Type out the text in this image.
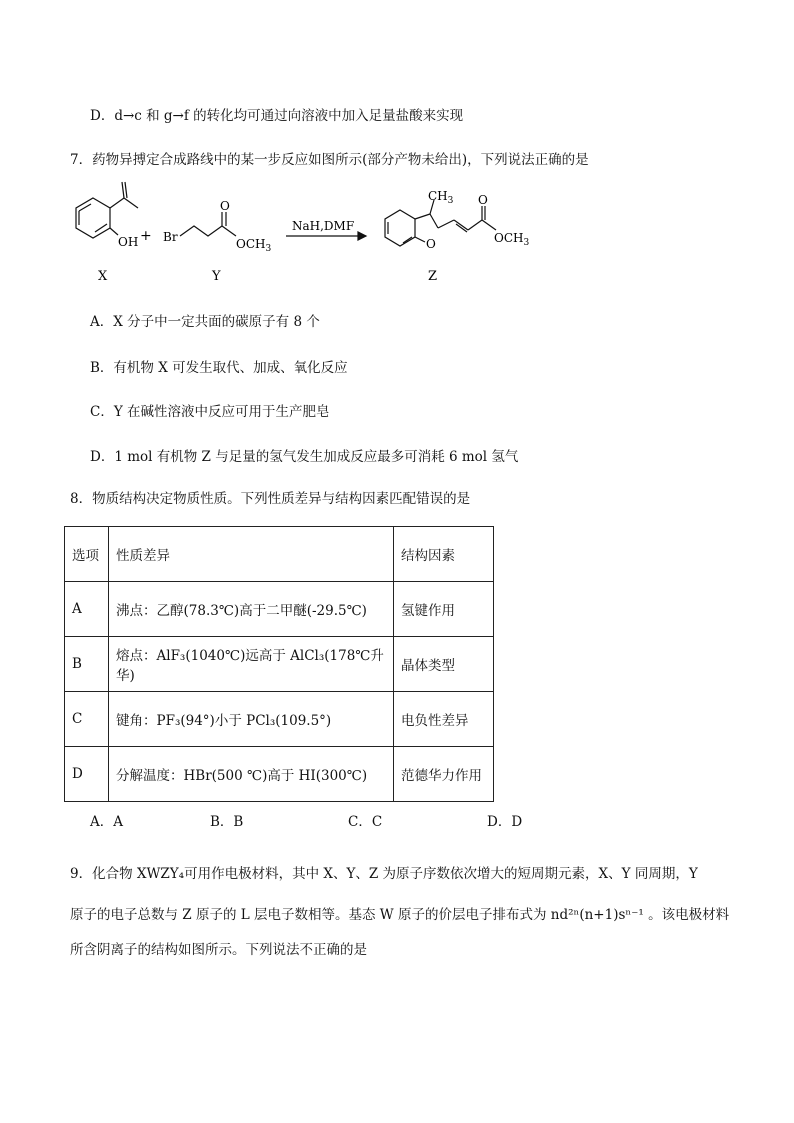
D．d→c 和 g→f 的转化均可通过向溶液中加入足量盐酸来实现
7．药物异搏定合成路线中的某一步反应如图所示(部分产物未给出)，下列说法正确的是
OH
X
+ Br
O
$OCH_3$
Y
NaH,DMF
O
$CH_3$ O
$OCH_3$
Z
A．X 分子中一定共面的碳原子有 8 个
B．有机物 X 可发生取代、加成、氧化反应
C．Y 在碱性溶液中反应可用于生产肥皂
D．1 mol 有机物 Z 与足量的氢气发生加成反应最多可消耗 6 mol 氢气
8．物质结构决定物质性质。下列性质差异与结构因素匹配错误的是
选项	性质差异	结构因素
A	沸点：乙醇(78.3℃)高于二甲醚(-29.5℃)	氢键作用
B	熔点：AlF₃(1040℃)远高于 AlCl₃(178℃升华)	晶体类型
C	键角：PF₃(94°)小于 PCl₃(109.5°)	电负性差异
D	分解温度：HBr(500 ℃)高于 HI(300℃)	范德华力作用
A．A	B．B	C．C	D．D
9．化合物 XWZY₄可用作电极材料，其中 X、Y、Z 为原子序数依次增大的短周期元素，X、Y 同周期，Y
原子的电子总数与 Z 原子的 L 层电子数相等。基态 W 原子的价层电子排布式为 nd²ⁿ(n+1)sⁿ⁻¹ 。该电极材料
所含阴离子的结构如图所示。下列说法不正确的是
